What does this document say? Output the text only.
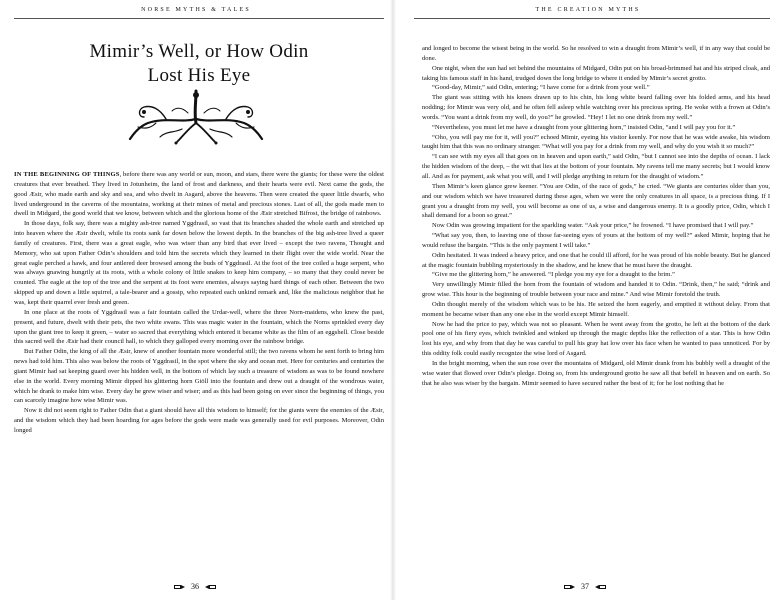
NORSE MYTHS & TALES
Mimir’s Well, or How Odin
Lost His Eye

IN THE BEGINNING OF THINGS, before there was any world or sun, moon, and stars, there were the giants; for these were the oldest creatures that ever breathed. They lived in Jotunheim, the land of frost and darkness, and their hearts were evil. Next came the gods, the good Æsir, who made earth and sky and sea, and who dwelt in Asgard, above the heavens. Then were created the queer little dwarfs, who lived underground in the caverns of the mountains, working at their mines of metal and precious stones. Last of all, the gods made men to dwell in Midgard, the good world that we know, between which and the glorious home of the Æsir stretched Bifrost, the bridge of rainbows.

In those days, folk say, there was a mighty ash-tree named Yggdrasil, so vast that its branches shaded the whole earth and stretched up into heaven where the Æsir dwelt, while its roots sank far down below the lowest depth. In the branches of the big ash-tree lived a queer family of creatures. First, there was a great eagle, who was wiser than any bird that ever lived – except the two ravens, Thought and Memory, who sat upon Father Odin’s shoulders and told him the secrets which they learned in their flight over the wide world. Near the great eagle perched a hawk, and four antlered deer browsed among the buds of Yggdrasil. At the foot of the tree coiled a huge serpent, who was always gnawing hungrily at its roots, with a whole colony of little snakes to keep him company, – so many that they could never be counted. The eagle at the top of the tree and the serpent at its foot were enemies, always saying hard things of each other. Between the two skipped up and down a little squirrel, a tale-bearer and a gossip, who repeated each unkind remark and, like the malicious neighbor that he was, kept their quarrel ever fresh and green.

In one place at the roots of Yggdrasil was a fair fountain called the Urdar-well, where the three Norn-maidens, who knew the past, present, and future, dwelt with their pets, the two white swans. This was magic water in the fountain, which the Norns sprinkled every day upon the giant tree to keep it green, – water so sacred that everything which entered it became white as the film of an eggshell. Close beside this sacred well the Æsir had their council hall, to which they galloped every morning over the rainbow bridge.

But Father Odin, the king of all the Æsir, knew of another fountain more wonderful still; the two ravens whom he sent forth to bring him news had told him. This also was below the roots of Yggdrasil, in the spot where the sky and ocean met. Here for centuries and centuries the giant Mimir had sat keeping guard over his hidden well, in the bottom of which lay such a treasure of wisdom as was to be found nowhere else in the world. Every morning Mimir dipped his glittering horn Giöll into the fountain and drew out a draught of the wondrous water, which he drank to make him wise. Every day he grew wiser and wiser; and as this had been going on ever since the beginning of things, you can scarcely imagine how wise Mimir was.

Now it did not seem right to Father Odin that a giant should have all this wisdom to himself; for the giants were the enemies of the Æsir, and the wisdom which they had been hoarding for ages before the gods were made was generally used for evil purposes. Moreover, Odin longed

36
THE CREATION MYTHS

and longed to become the wisest being in the world. So he resolved to win a draught from Mimir’s well, if in any way that could be done.

One night, when the sun had set behind the mountains of Midgard, Odin put on his broad-brimmed hat and his striped cloak, and taking his famous staff in his hand, trudged down the long bridge to where it ended by Mimir’s secret grotto.

“Good-day, Mimir,” said Odin, entering; “I have come for a drink from your well.”

The giant was sitting with his knees drawn up to his chin, his long white beard falling over his folded arms, and his head nodding; for Mimir was very old, and he often fell asleep while watching over his precious spring. He woke with a frown at Odin’s words. “You want a drink from my well, do you?” he growled. “Hey! I let no one drink from my well.”

“Nevertheless, you must let me have a draught from your glittering horn,” insisted Odin, “and I will pay you for it.”

“Oho, you will pay me for it, will you?” echoed Mimir, eyeing his visitor keenly. For now that he was wide awake, his wisdom taught him that this was no ordinary stranger. “What will you pay for a drink from my well, and why do you wish it so much?”

“I can see with my eyes all that goes on in heaven and upon earth,” said Odin, “but I cannot see into the depths of ocean. I lack the hidden wisdom of the deep, – the wit that lies at the bottom of your fountain. My ravens tell me many secrets; but I would know all. And as for payment, ask what you will, and I will pledge anything in return for the draught of wisdom.”

Then Mimir’s keen glance grew keener. “You are Odin, of the race of gods,” he cried. “We giants are centuries older than you, and our wisdom which we have treasured during these ages, when we were the only creatures in all space, is a precious thing. If I grant you a draught from my well, you will become as one of us, a wise and dangerous enemy. It is a goodly price, Odin, which I shall demand for a boon so great.”

Now Odin was growing impatient for the sparkling water. “Ask your price,” he frowned. “I have promised that I will pay.”

“What say you, then, to leaving one of those far-seeing eyes of yours at the bottom of my well?” asked Mimir, hoping that he would refuse the bargain. “This is the only payment I will take.”

Odin hesitated. It was indeed a heavy price, and one that he could ill afford, for he was proud of his noble beauty. But he glanced at the magic fountain bubbling mysteriously in the shadow, and he knew that he must have the draught.

“Give me the glittering horn,” he answered. “I pledge you my eye for a draught to the brim.”

Very unwillingly Mimir filled the horn from the fountain of wisdom and handed it to Odin. “Drink, then,” he said; “drink and grow wise. This hour is the beginning of trouble between your race and mine.” And wise Mimir foretold the truth.

Odin thought merely of the wisdom which was to be his. He seized the horn eagerly, and emptied it without delay. From that moment he became wiser than any one else in the world except Mimir himself.

Now he had the price to pay, which was not so pleasant. When he went away from the grotto, he left at the bottom of the dark pool one of his fiery eyes, which twinkled and winked up through the magic depths like the reflection of a star. This is how Odin lost his eye, and why from that day he was careful to pull his gray hat low over his face when he wanted to pass unnoticed. For by this oddity folk could easily recognize the wise lord of Asgard.

In the bright morning, when the sun rose over the mountains of Midgard, old Mimir drank from his bubbly well a draught of the wise water that flowed over Odin’s pledge. Doing so, from his underground grotto he saw all that befell in heaven and on earth. So that he also was wiser by the bargain. Mimir seemed to have secured rather the best of it; for he lost nothing that he

37
